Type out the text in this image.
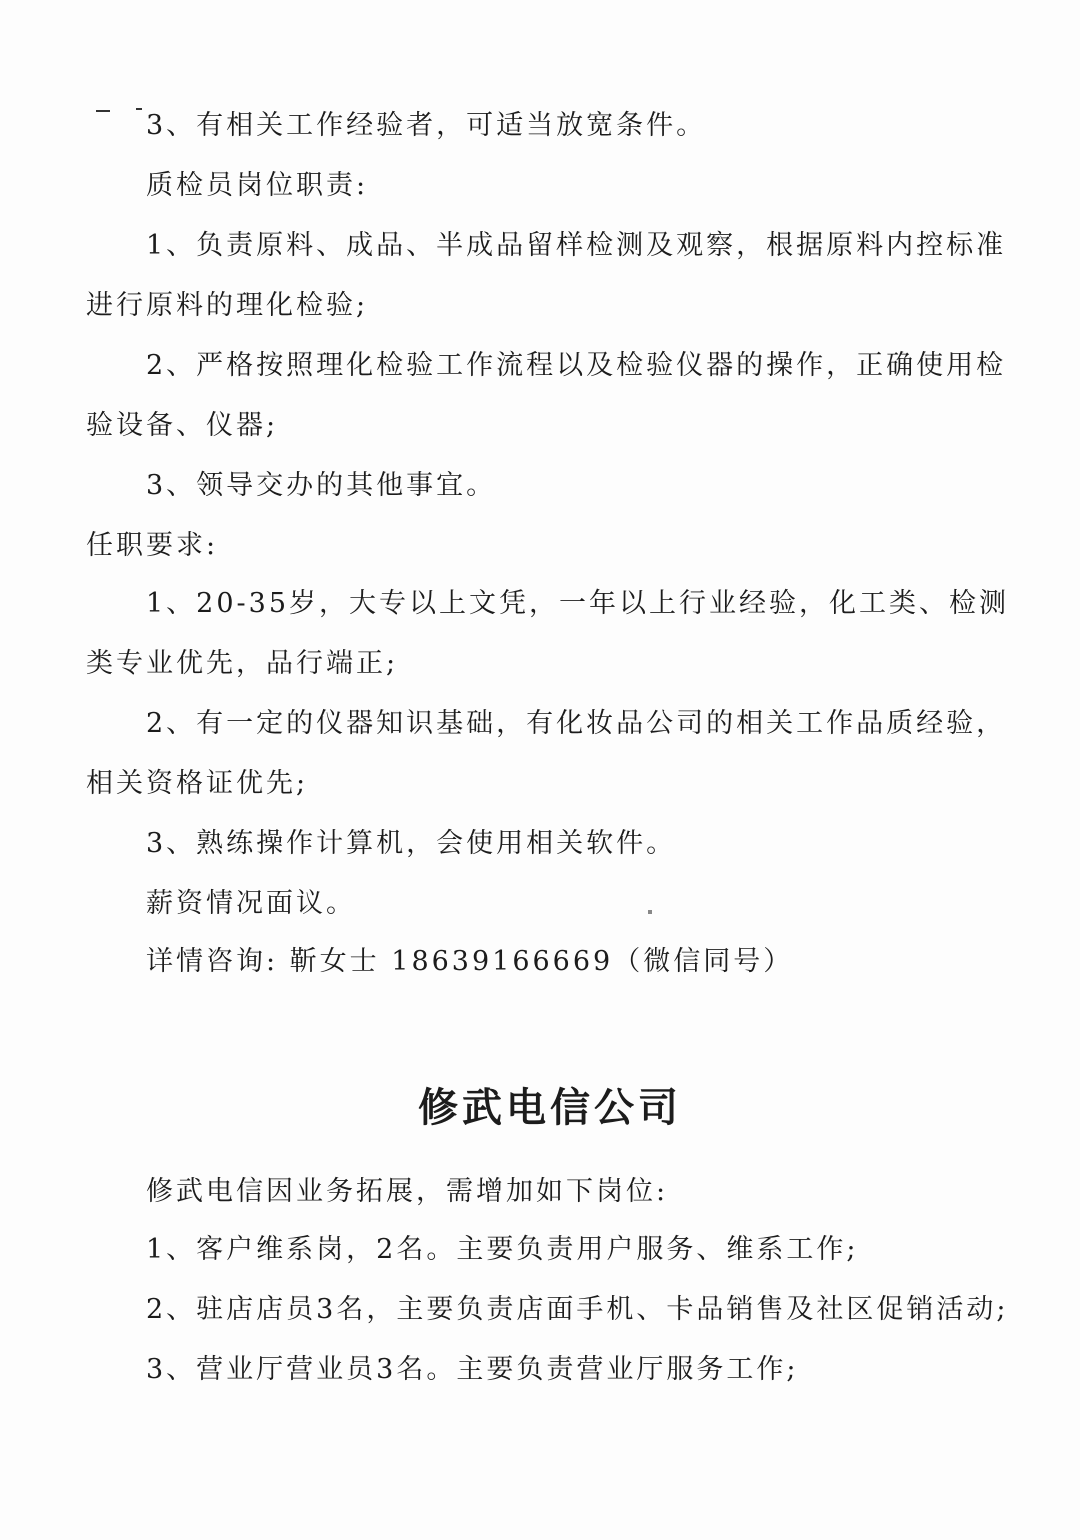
3、有相关工作经验者，可适当放宽条件。
质检员岗位职责:
1、负责原料、成品、半成品留样检测及观察，根据原料内控标准
进行原料的理化检验;
2、严格按照理化检验工作流程以及检验仪器的操作，正确使用检
验设备、仪器;
3、领导交办的其他事宜。
任职要求:
1、20-35岁，大专以上文凭，一年以上行业经验，化工类、检测
类专业优先，品行端正;
2、有一定的仪器知识基础，有化妆品公司的相关工作品质经验，
相关资格证优先;
3、熟练操作计算机，会使用相关软件。
薪资情况面议。
详情咨询: 靳女士 18639166669（微信同号）
修武电信公司
修武电信因业务拓展，需增加如下岗位:
1、客户维系岗，2名。主要负责用户服务、维系工作;
2、驻店店员3名，主要负责店面手机、卡品销售及社区促销活动;
3、营业厅营业员3名。主要负责营业厅服务工作;
